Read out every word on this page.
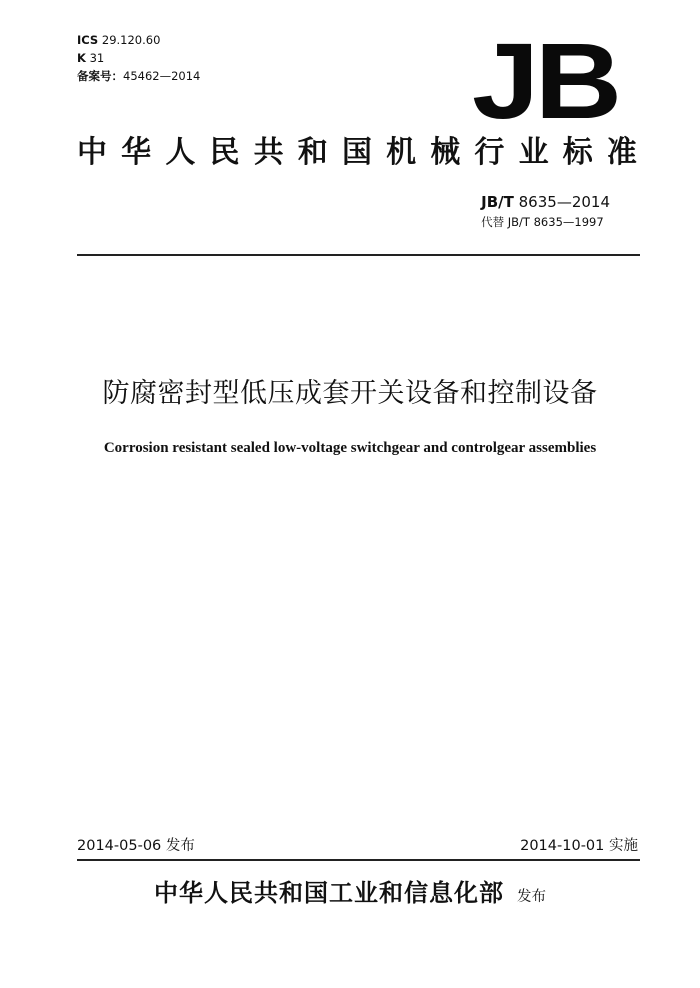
ICS 29.120.60
K 31
备案号：45462—2014	JB
中 华 人 民 共 和 国 机 械 行 业 标 准
JB/T 8635—2014
代替 JB/T 8635—1997
防腐密封型低压成套开关设备和控制设备
Corrosion resistant sealed low-voltage switchgear and controlgear assemblies
2014-05-06 发布	2014-10-01 实施
中华人民共和国工业和信息化部 发布
